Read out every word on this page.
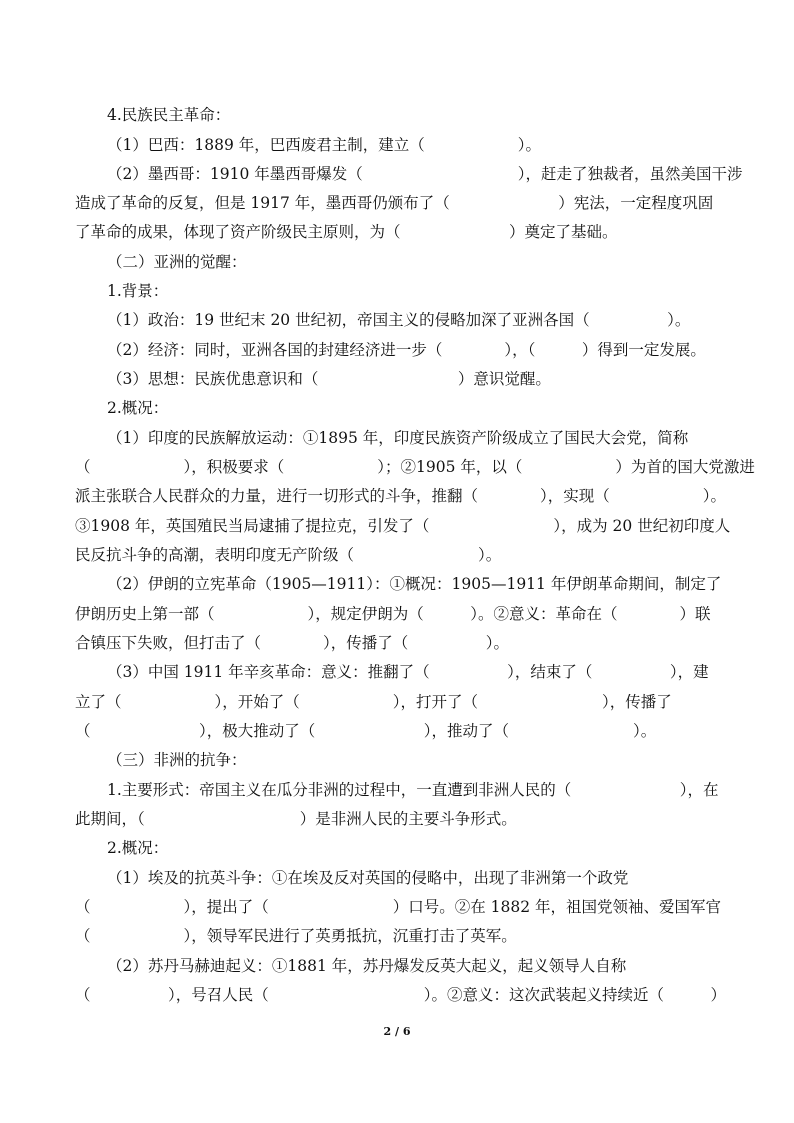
4.民族民主革命：
（1）巴西：1889 年，巴西废君主制，建立（　　　　　　）。
（2）墨西哥：1910 年墨西哥爆发（　　　　　　　　　　），赶走了独裁者，虽然美国干涉
造成了革命的反复，但是 1917 年，墨西哥仍颁布了（　　　　　　　）宪法，一定程度巩固
了革命的成果，体现了资产阶级民主原则，为（　　　　　　　）奠定了基础。
（二）亚洲的觉醒：
1.背景：
（1）政治：19 世纪末 20 世纪初，帝国主义的侵略加深了亚洲各国（　　　　　）。
（2）经济：同时，亚洲各国的封建经济进一步（　　　　），（　　　）得到一定发展。
（3）思想：民族优患意识和（　　　　　　　　　）意识觉醒。
2.概况：
（1）印度的民族解放运动：①1895 年，印度民族资产阶级成立了国民大会党，简称
（　　　　　　），积极要求（　　　　　　）；②1905 年，以（　　　　　　）为首的国大党激进
派主张联合人民群众的力量，进行一切形式的斗争，推翻（　　　　），实现（　　　　　　）。
③1908 年，英国殖民当局逮捕了提拉克，引发了（　　　　　　　　），成为 20 世纪初印度人
民反抗斗争的高潮，表明印度无产阶级（　　　　　　　　）。
（2）伊朗的立宪革命（1905—1911）：①概况：1905—1911 年伊朗革命期间，制定了
伊朗历史上第一部（　　　　　　），规定伊朗为（　　　）。②意义：革命在（　　　　）联
合镇压下失败，但打击了（　　　　），传播了（　　　　　）。
（3）中国 1911 年辛亥革命：意义：推翻了（　　　　　），结束了（　　　　　），建
立了（　　　　　　），开始了（　　　　　　），打开了（　　　　　　　　），传播了
（　　　　　　　），极大推动了（　　　　　　　），推动了（　　　　　　　　）。
（三）非洲的抗争：
1.主要形式：帝国主义在瓜分非洲的过程中，一直遭到非洲人民的（　　　　　　　），在
此期间，（　　　　　　　　　　）是非洲人民的主要斗争形式。
2.概况：
（1）埃及的抗英斗争：①在埃及反对英国的侵略中，出现了非洲第一个政党
（　　　　　　），提出了（　　　　　　　　）口号。②在 1882 年，祖国党领袖、爱国军官
（　　　　　　），领导军民进行了英勇抵抗，沉重打击了英军。
（2）苏丹马赫迪起义：①1881 年，苏丹爆发反英大起义，起义领导人自称
（　　　　　），号召人民（　　　　　　　　　　）。②意义：这次武装起义持续近（　　　）
2 / 6
